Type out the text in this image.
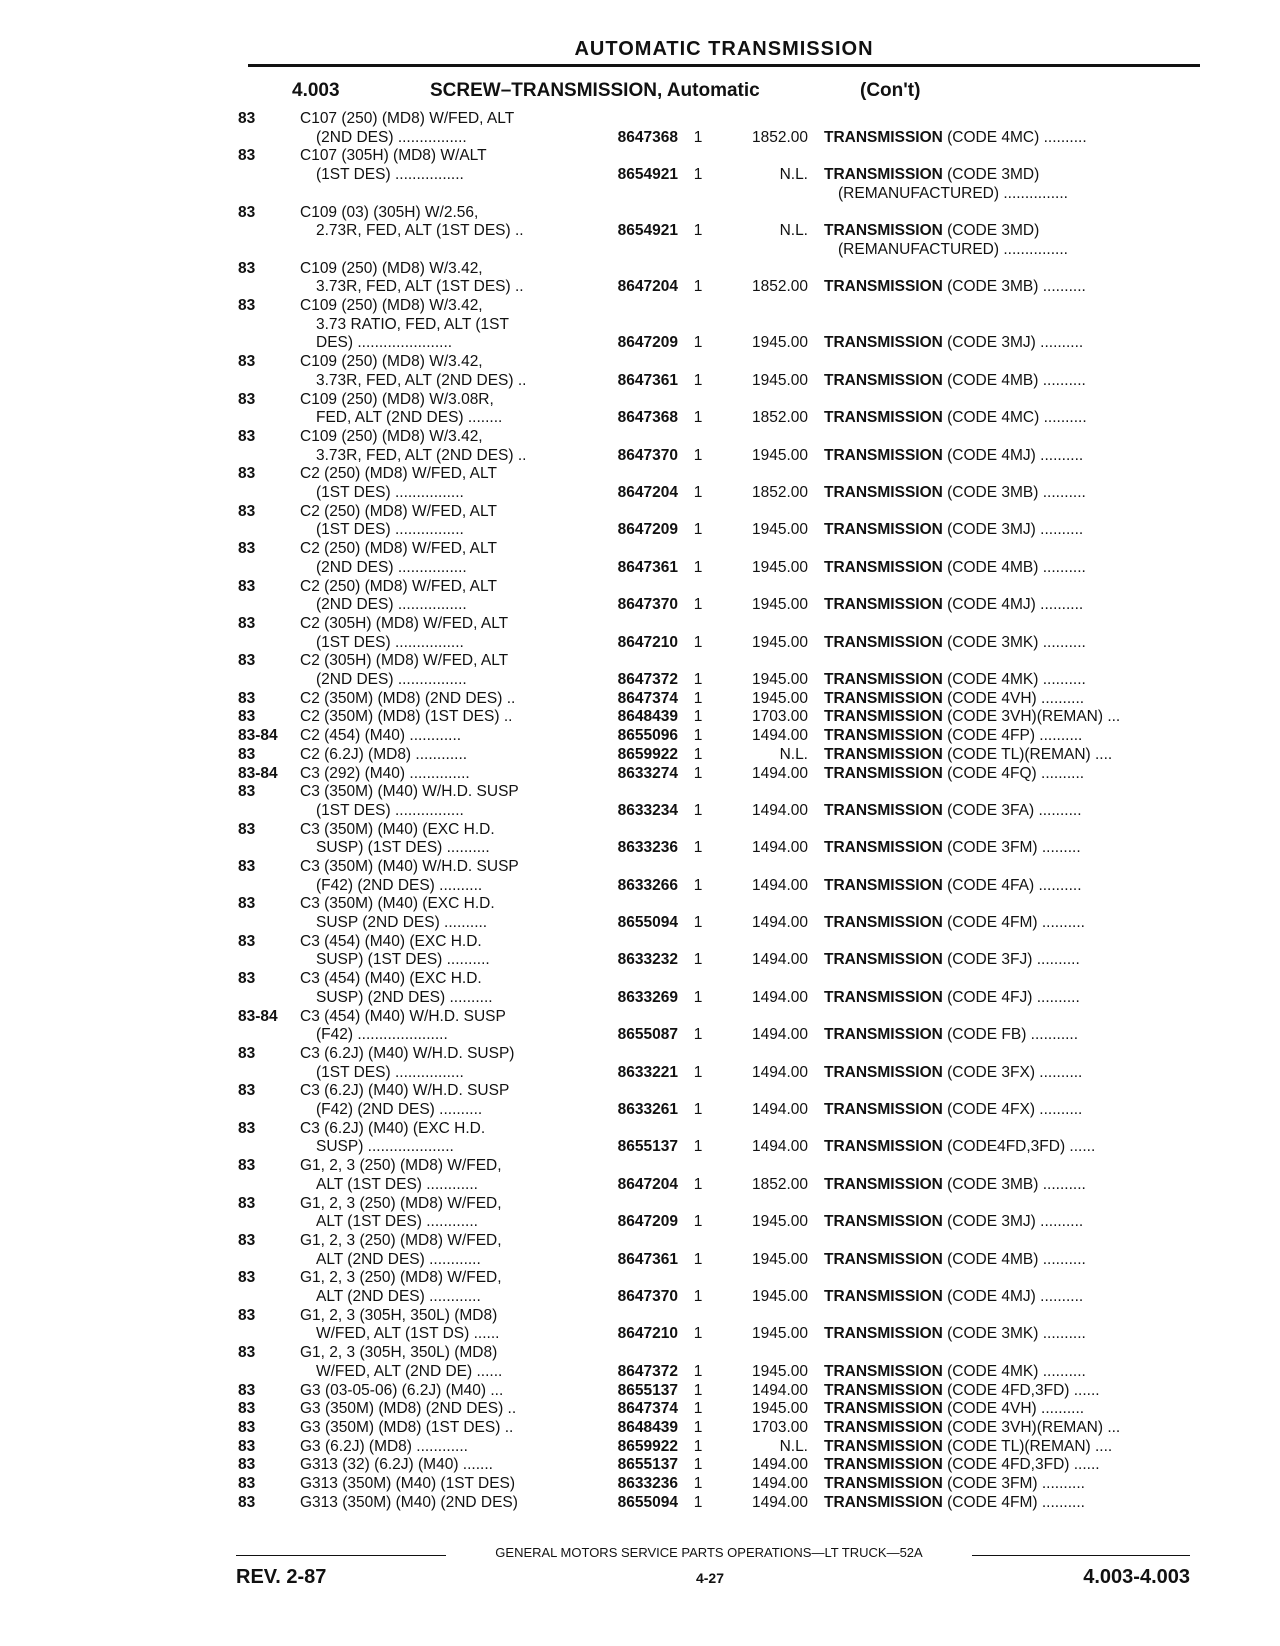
AUTOMATIC TRANSMISSION
4.003	SCREW–TRANSMISSION, Automatic	(Con't)
83	C107 (250) (MD8) W/FED, ALT
(2ND DES) ................	8647368	1	1852.00 TRANSMISSION (CODE 4MC) ..........
83	C107 (305H) (MD8) W/ALT
(1ST DES) ................	8654921	1	N.L. TRANSMISSION (CODE 3MD)
(REMANUFACTURED) ...............
83	C109 (03) (305H) W/2.56,
2.73R, FED, ALT (1ST DES) ..	8654921	1	N.L. TRANSMISSION (CODE 3MD)
(REMANUFACTURED) ...............
83	C109 (250) (MD8) W/3.42,
3.73R, FED, ALT (1ST DES) ..	8647204	1	1852.00 TRANSMISSION (CODE 3MB) ..........
83	C109 (250) (MD8) W/3.42,
3.73 RATIO, FED, ALT (1ST
DES) ......................	8647209	1	1945.00 TRANSMISSION (CODE 3MJ) ..........
83	C109 (250) (MD8) W/3.42,
3.73R, FED, ALT (2ND DES) ..	8647361	1	1945.00 TRANSMISSION (CODE 4MB) ..........
83	C109 (250) (MD8) W/3.08R,
FED, ALT (2ND DES) ........	8647368	1	1852.00 TRANSMISSION (CODE 4MC) ..........
83	C109 (250) (MD8) W/3.42,
3.73R, FED, ALT (2ND DES) ..	8647370	1	1945.00 TRANSMISSION (CODE 4MJ) ..........
83	C2 (250) (MD8) W/FED, ALT
(1ST DES) ................	8647204	1	1852.00 TRANSMISSION (CODE 3MB) ..........
83	C2 (250) (MD8) W/FED, ALT
(1ST DES) ................	8647209	1	1945.00 TRANSMISSION (CODE 3MJ) ..........
83	C2 (250) (MD8) W/FED, ALT
(2ND DES) ................	8647361	1	1945.00 TRANSMISSION (CODE 4MB) ..........
83	C2 (250) (MD8) W/FED, ALT
(2ND DES) ................	8647370	1	1945.00 TRANSMISSION (CODE 4MJ) ..........
83	C2 (305H) (MD8) W/FED, ALT
(1ST DES) ................	8647210	1	1945.00 TRANSMISSION (CODE 3MK) ..........
83	C2 (305H) (MD8) W/FED, ALT
(2ND DES) ................	8647372	1	1945.00 TRANSMISSION (CODE 4MK) ..........
83	C2 (350M) (MD8) (2ND DES) ..	8647374	1	1945.00 TRANSMISSION (CODE 4VH) ..........
83	C2 (350M) (MD8) (1ST DES) ..	8648439	1	1703.00 TRANSMISSION (CODE 3VH)(REMAN) ...
83-84	C2 (454) (M40) ............	8655096	1	1494.00 TRANSMISSION (CODE 4FP) ..........
83	C2 (6.2J) (MD8) ............	8659922	1	N.L. TRANSMISSION (CODE TL)(REMAN) ....
83-84	C3 (292) (M40) ..............	8633274	1	1494.00 TRANSMISSION (CODE 4FQ) ..........
83	C3 (350M) (M40) W/H.D. SUSP
(1ST DES) ................	8633234	1	1494.00 TRANSMISSION (CODE 3FA) ..........
83	C3 (350M) (M40) (EXC H.D.
SUSP) (1ST DES) ..........	8633236	1	1494.00 TRANSMISSION (CODE 3FM) .........
83	C3 (350M) (M40) W/H.D. SUSP
(F42) (2ND DES) ..........	8633266	1	1494.00 TRANSMISSION (CODE 4FA) ..........
83	C3 (350M) (M40) (EXC H.D.
SUSP (2ND DES) ..........	8655094	1	1494.00 TRANSMISSION (CODE 4FM) ..........
83	C3 (454) (M40) (EXC H.D.
SUSP) (1ST DES) ..........	8633232	1	1494.00 TRANSMISSION (CODE 3FJ) ..........
83	C3 (454) (M40) (EXC H.D.
SUSP) (2ND DES) ..........	8633269	1	1494.00 TRANSMISSION (CODE 4FJ) ..........
83-84	C3 (454) (M40) W/H.D. SUSP
(F42) .....................	8655087	1	1494.00 TRANSMISSION (CODE FB) ...........
83	C3 (6.2J) (M40) W/H.D. SUSP)
(1ST DES) ................	8633221	1	1494.00 TRANSMISSION (CODE 3FX) ..........
83	C3 (6.2J) (M40) W/H.D. SUSP
(F42) (2ND DES) ..........	8633261	1	1494.00 TRANSMISSION (CODE 4FX) ..........
83	C3 (6.2J) (M40) (EXC H.D.
SUSP) ....................	8655137	1	1494.00 TRANSMISSION (CODE4FD,3FD) ......
83	G1, 2, 3 (250) (MD8) W/FED,
ALT (1ST DES) ............	8647204	1	1852.00 TRANSMISSION (CODE 3MB) ..........
83	G1, 2, 3 (250) (MD8) W/FED,
ALT (1ST DES) ............	8647209	1	1945.00 TRANSMISSION (CODE 3MJ) ..........
83	G1, 2, 3 (250) (MD8) W/FED,
ALT (2ND DES) ............	8647361	1	1945.00 TRANSMISSION (CODE 4MB) ..........
83	G1, 2, 3 (250) (MD8) W/FED,
ALT (2ND DES) ............	8647370	1	1945.00 TRANSMISSION (CODE 4MJ) ..........
83	G1, 2, 3 (305H, 350L) (MD8)
W/FED, ALT (1ST DS) ......	8647210	1	1945.00 TRANSMISSION (CODE 3MK) ..........
83	G1, 2, 3 (305H, 350L) (MD8)
W/FED, ALT (2ND DE) ......	8647372	1	1945.00 TRANSMISSION (CODE 4MK) ..........
83	G3 (03-05-06) (6.2J) (M40) ...	8655137	1	1494.00 TRANSMISSION (CODE 4FD,3FD) ......
83	G3 (350M) (MD8) (2ND DES) ..	8647374	1	1945.00 TRANSMISSION (CODE 4VH) ..........
83	G3 (350M) (MD8) (1ST DES) ..	8648439	1	1703.00 TRANSMISSION (CODE 3VH)(REMAN) ...
83	G3 (6.2J) (MD8) ............	8659922	1	N.L. TRANSMISSION (CODE TL)(REMAN) ....
83	G313 (32) (6.2J) (M40) .......	8655137	1	1494.00 TRANSMISSION (CODE 4FD,3FD) ......
83	G313 (350M) (M40) (1ST DES)	8633236	1	1494.00 TRANSMISSION (CODE 3FM) ..........
83	G313 (350M) (M40) (2ND DES)	8655094	1	1494.00 TRANSMISSION (CODE 4FM) ..........
GENERAL MOTORS SERVICE PARTS OPERATIONS—LT TRUCK—52A
REV. 2-87	4-27	4.003-4.003
